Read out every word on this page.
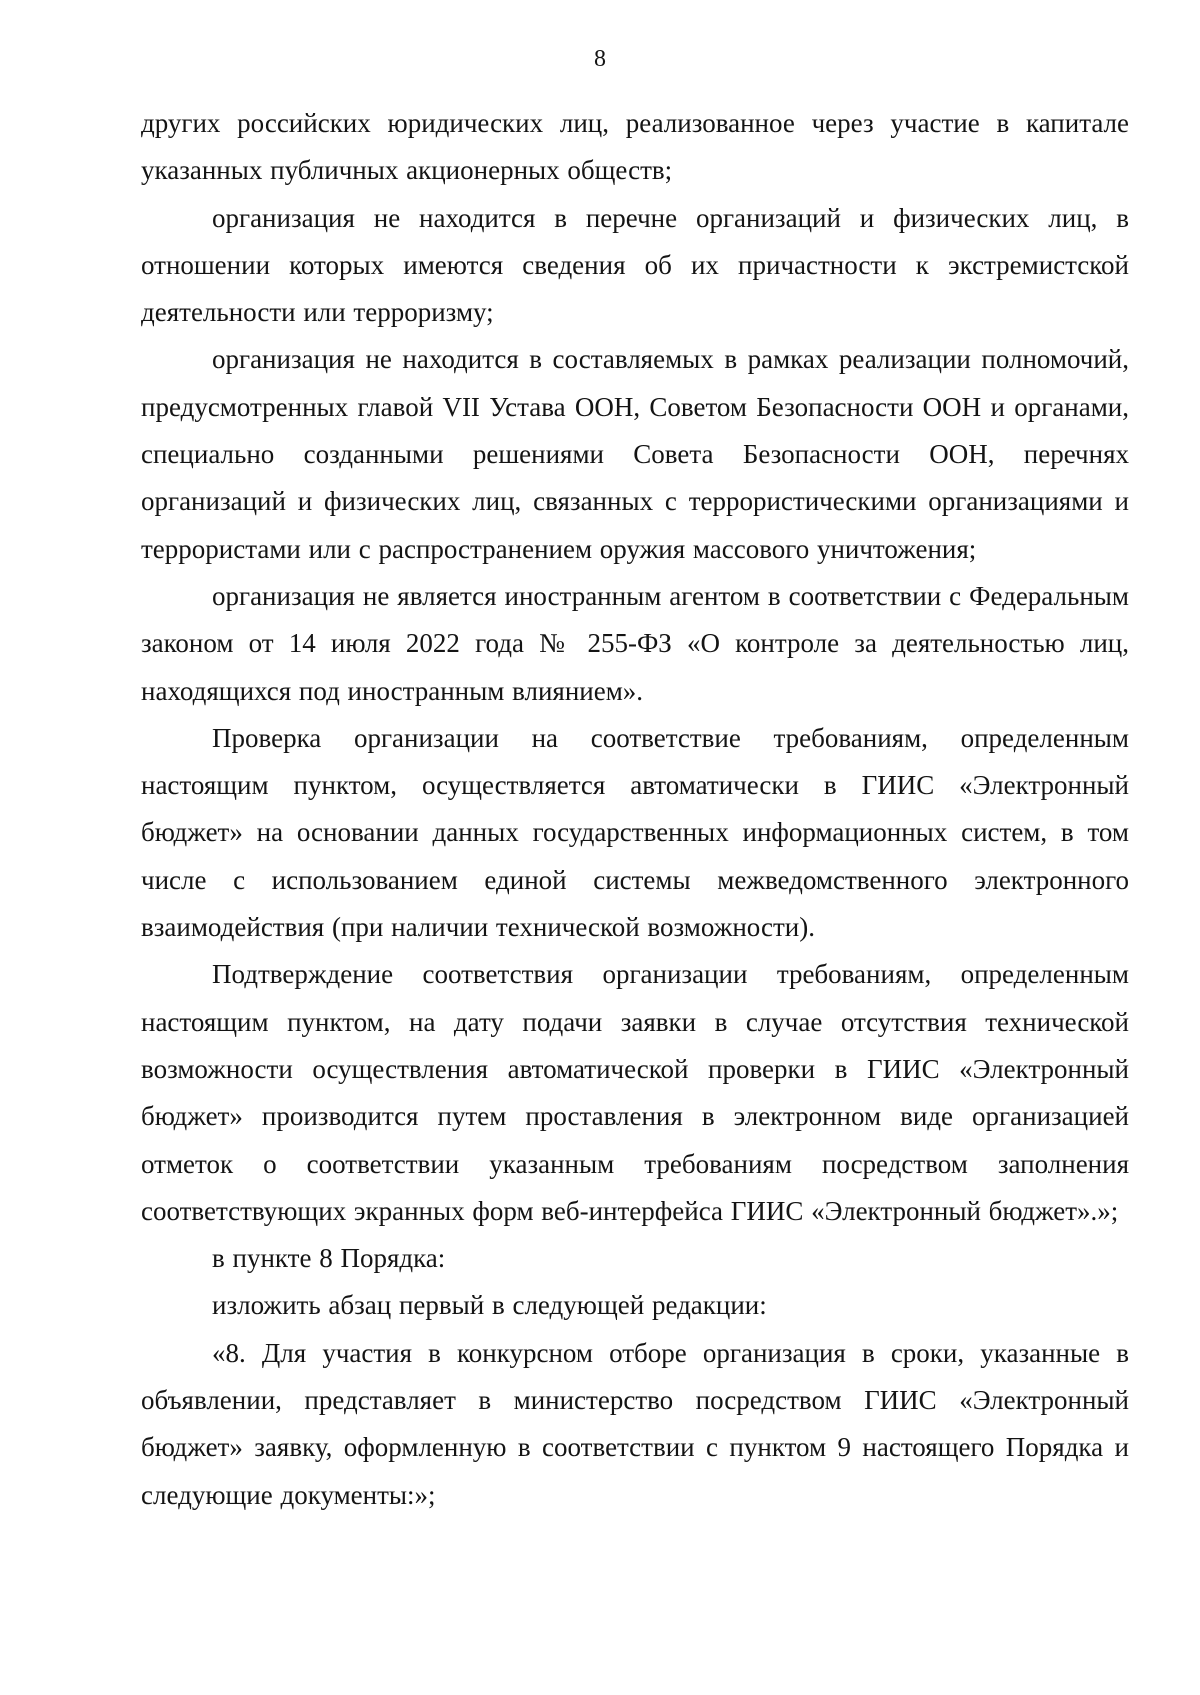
8

других российских юридических лиц, реализованное через участие в капитале указанных публичных акционерных обществ;

организация не находится в перечне организаций и физических лиц, в отношении которых имеются сведения об их причастности к экстремистской деятельности или терроризму;

организация не находится в составляемых в рамках реализации полномочий, предусмотренных главой VII Устава ООН, Советом Безопасности ООН и органами, специально созданными решениями Совета Безопасности ООН, перечнях организаций и физических лиц, связанных с террористическими организациями и террористами или с распространением оружия массового уничтожения;

организация не является иностранным агентом в соответствии с Федеральным законом от 14 июля 2022 года № 255-ФЗ «О контроле за деятельностью лиц, находящихся под иностранным влиянием».

Проверка организации на соответствие требованиям, определенным настоящим пунктом, осуществляется автоматически в ГИИС «Электронный бюджет» на основании данных государственных информационных систем, в том числе с использованием единой системы межведомственного электронного взаимодействия (при наличии технической возможности).

Подтверждение соответствия организации требованиям, определенным настоящим пунктом, на дату подачи заявки в случае отсутствия технической возможности осуществления автоматической проверки в ГИИС «Электронный бюджет» производится путем проставления в электронном виде организацией отметок о соответствии указанным требованиям посредством заполнения соответствующих экранных форм веб-интерфейса ГИИС «Электронный бюджет».»;

в пункте 8 Порядка:

изложить абзац первый в следующей редакции:

«8. Для участия в конкурсном отборе организация в сроки, указанные в объявлении, представляет в министерство посредством ГИИС «Электронный бюджет» заявку, оформленную в соответствии с пунктом 9 настоящего Порядка и следующие документы:»;
